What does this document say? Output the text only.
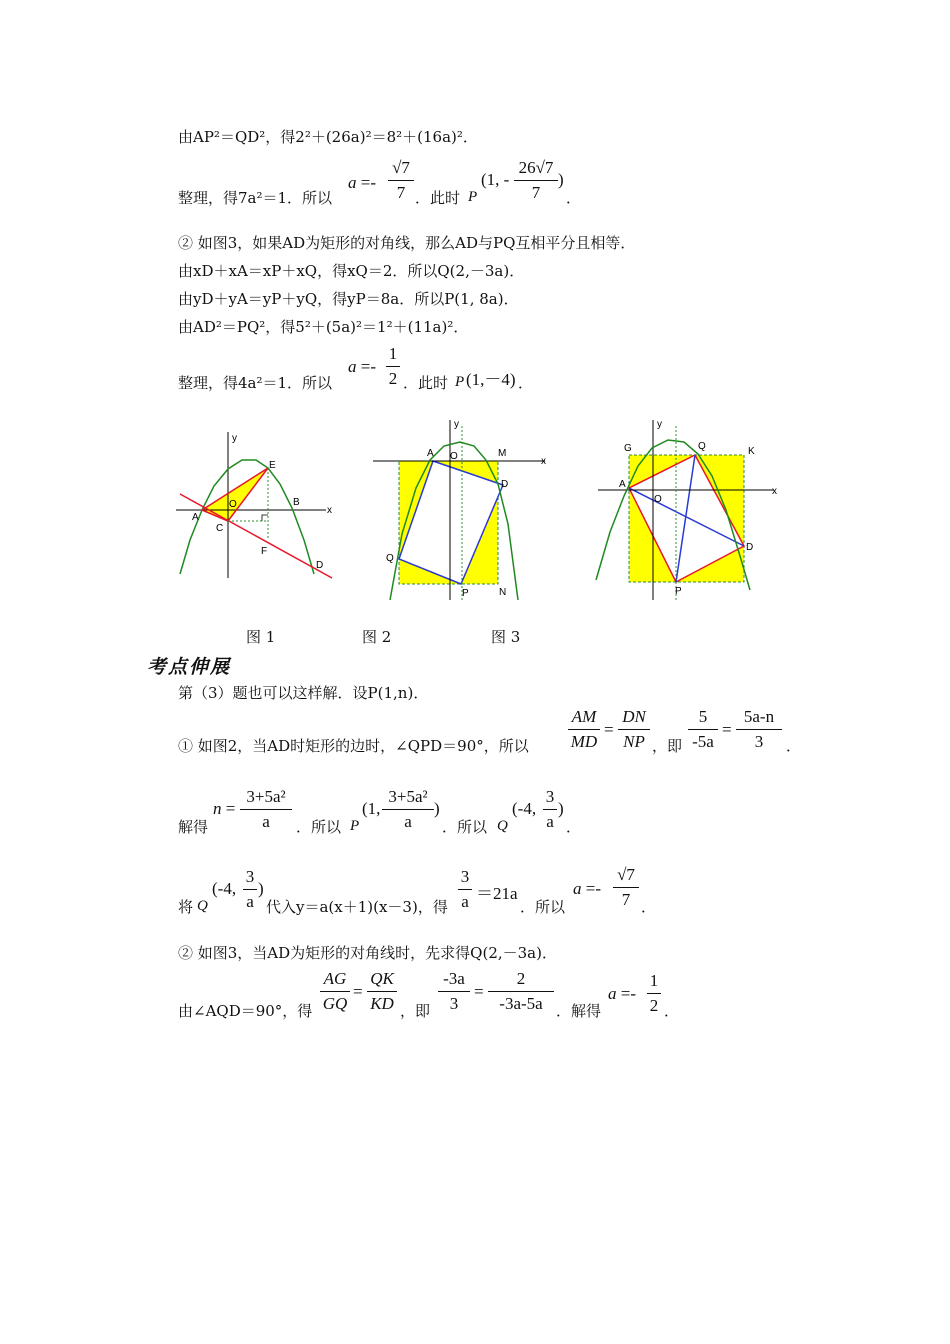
由AP²＝QD²，得2²＋(26a)²＝8²＋(16a)²．
整理，得7a²＝1．所以
a =-
√7
7 ．此时 P
(1, -
26√7
7
)
．
② 如图3，如果AD为矩形的对角线，那么AD与PQ互相平分且相等．
由xD＋xA＝xP＋xQ，得xQ＝2．所以Q(2,－3a)．
由yD＋yA＝yP＋yQ，得yP＝8a．所以P(1, 8a)．
由AD²＝PQ²，得5²＋(5a)²＝1²＋(11a)²．
整理，得4a²＝1．所以
a =-
1
2 ．此时 P (1,－4) ．
y
E
O
A
C
B
x
F
D
y
A O	M
x
D
Q
P	N
y
G	Q	K
A
O
x
D
P
图 1	图 2	图 3
考点伸展
第（3）题也可以这样解．设P(1,n)．
① 如图2，当AD时矩形的边时，∠QPD＝90°，所以
AM
MD
=
DN
NP ，即
5
-5a
=
5a-n
3	．
解得
n =
3+5a²
a	．所以 P
(1,
3+5a²
a
)
．所以 Q
(-4,
3
a
)
．
将 Q
(-4,
3
a
)
代入y＝a(x＋1)(x－3)，得
3
a ＝21a
．所以
a =-
√7
7 ．
② 如图3，当AD为矩形的对角线时，先求得Q(2,－3a)．
由∠AQD＝90°，得
AG
GQ
=
QK
KD ，即
-3a
3
=
2
-3a-5a ．解得
a =-
1
2 ．
